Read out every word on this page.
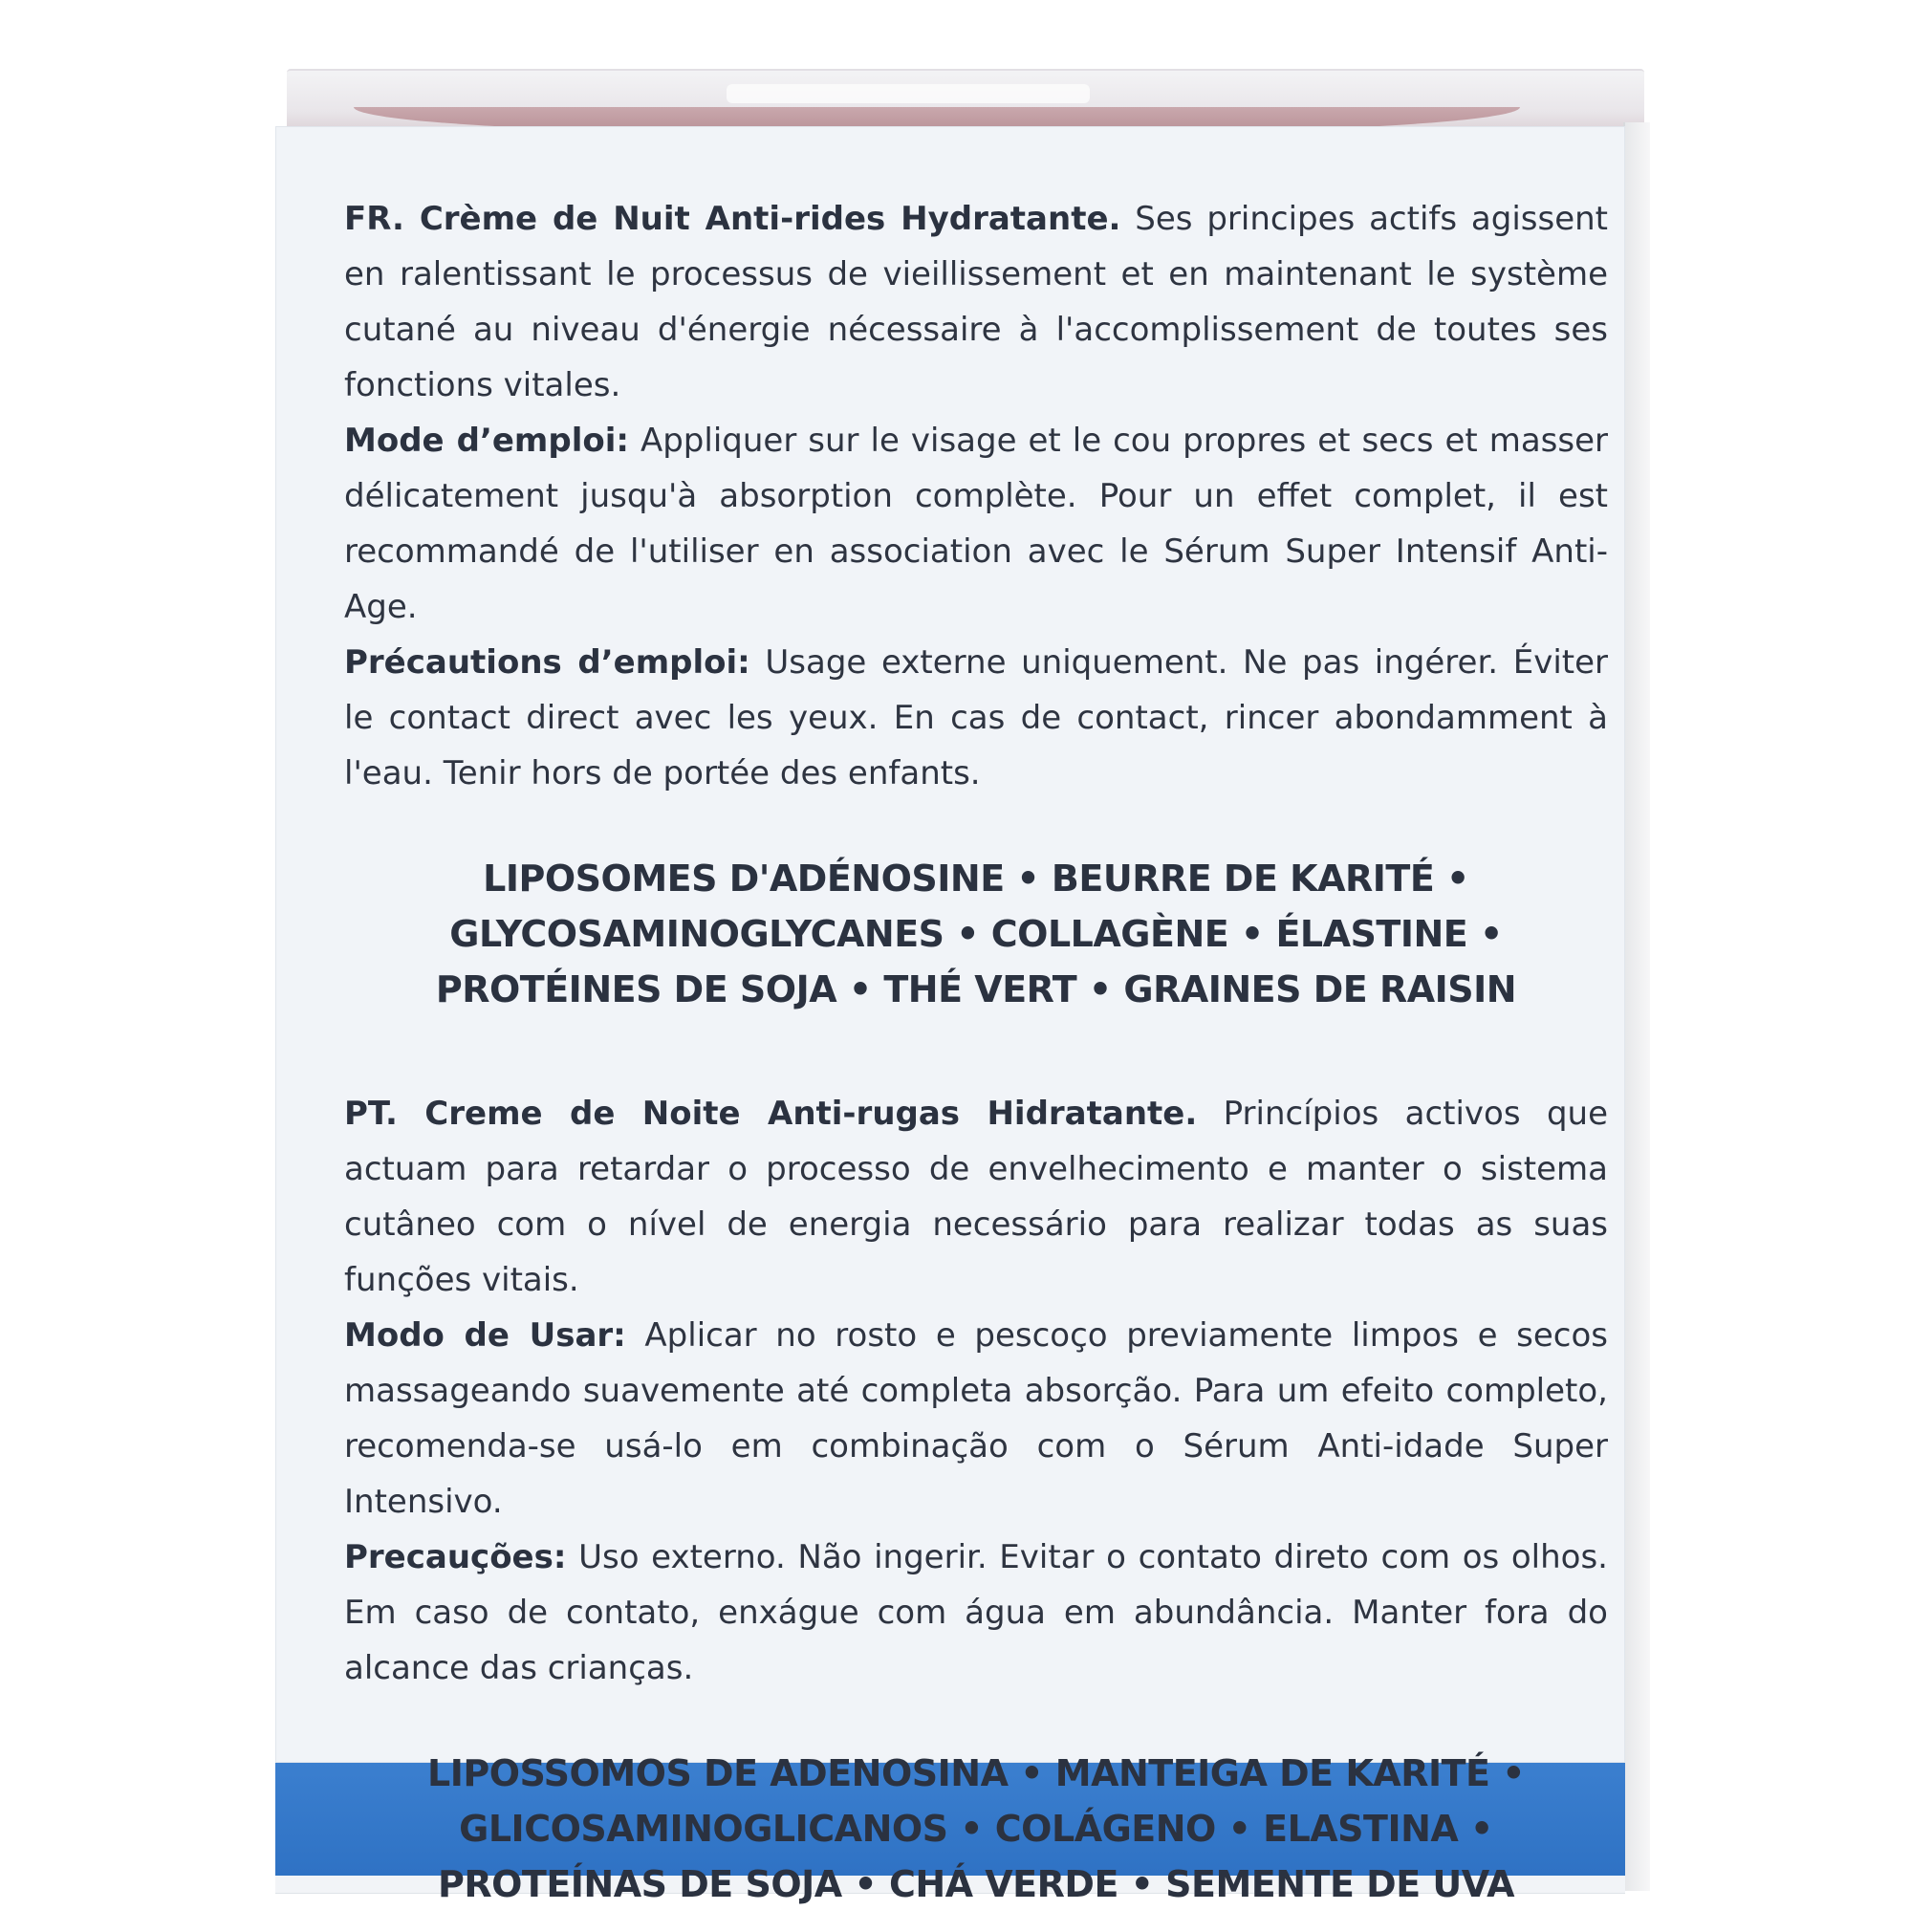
FR. Crème de Nuit Anti-rides Hydratante. Ses principes actifs agissent en ralentissant le processus de vieillissement et en maintenant le système cutané au niveau d'énergie nécessaire à l'accomplissement de toutes ses fonctions vitales.

Mode d’emploi: Appliquer sur le visage et le cou propres et secs et masser délicatement jusqu'à absorption complète. Pour un effet complet, il est recommandé de l'utiliser en association avec le Sérum Super Intensif Anti-Age.

Précautions d’emploi: Usage externe uniquement. Ne pas ingérer. Éviter le contact direct avec les yeux. En cas de contact, rincer abondamment à l'eau. Tenir hors de portée des enfants.

LIPOSOMES D'ADÉNOSINE • BEURRE DE KARITÉ •
GLYCOSAMINOGLYCANES • COLLAGÈNE • ÉLASTINE •
PROTÉINES DE SOJA • THÉ VERT • GRAINES DE RAISIN

PT. Creme de Noite Anti-rugas Hidratante. Princípios activos que actuam para retardar o processo de envelhecimento e manter o sistema cutâneo com o nível de energia necessário para realizar todas as suas funções vitais.

Modo de Usar: Aplicar no rosto e pescoço previamente limpos e secos massageando suavemente até completa absorção. Para um efeito completo, recomenda-se usá-lo em combinação com o Sérum Anti-idade Super Intensivo.

Precauções: Uso externo. Não ingerir. Evitar o contato direto com os olhos. Em caso de contato, enxágue com água em abundância. Manter fora do alcance das crianças.

LIPOSSOMOS DE ADENOSINA • MANTEIGA DE KARITÉ •
GLICOSAMINOGLICANOS • COLÁGENO • ELASTINA •
PROTEÍNAS DE SOJA • CHÁ VERDE • SEMENTE DE UVA
